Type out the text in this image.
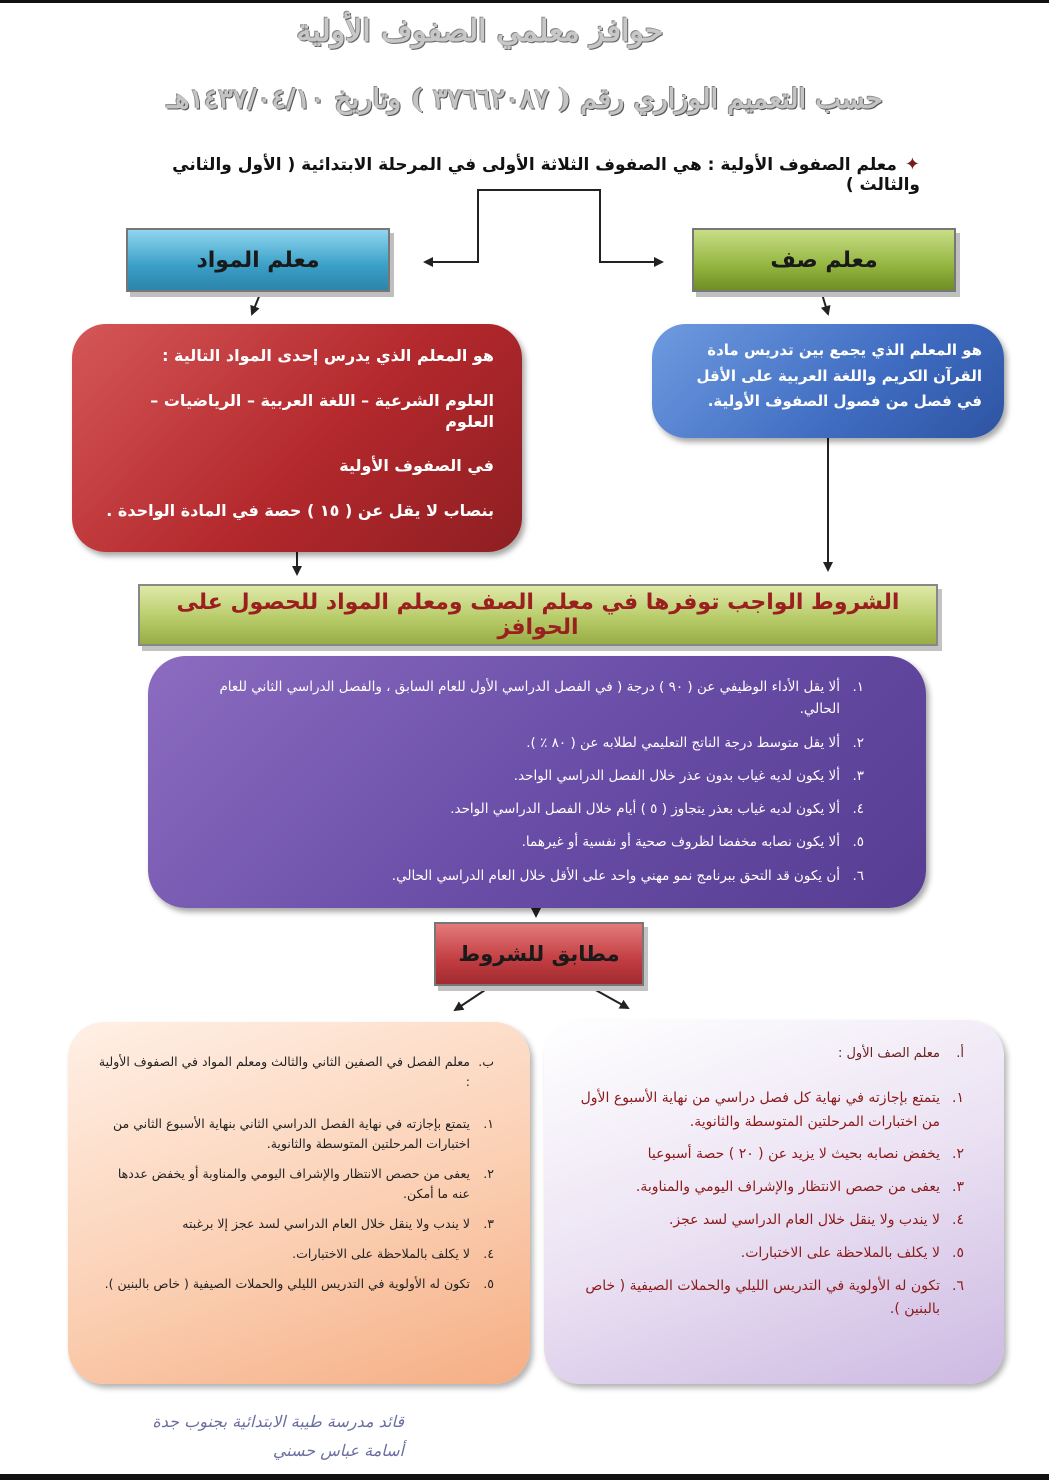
حوافز معلمي الصفوف الأولية
حسب التعميم الوزاري رقم ( ٣٧٦٦٢٠٨٧ ) وتاريخ ١٤٣٧/٠٤/١٠هـ
✦معلم الصفوف الأولية : هي الصفوف الثلاثة الأولى في المرحلة الابتدائية ( الأول والثاني والثالث )
معلم المواد	معلم صف

هو المعلم الذي يدرس إحدى المواد التالية :

العلوم الشرعية – اللغة العربية – الرياضيات – العلوم

في الصفوف الأولية

بنصاب لا يقل عن ( ١٥ ) حصة في المادة الواحدة .

هو المعلم الذي يجمع بين تدريس مادة القرآن الكريم واللغة العربية على الأقل في فصل من فصول الصفوف الأولية.
الشروط الواجب توفرها في معلم الصف ومعلم المواد للحصول على الحوافز
١.
ألا يقل الأداء الوظيفي عن ( ٩٠ ) درجة ( في الفصل الدراسي الأول للعام السابق ، والفصل الدراسي الثاني للعام الحالي.
٢.
ألا يقل متوسط درجة الناتج التعليمي لطلابه عن ( ٨٠ ٪ ).
٣.
ألا يكون لديه غياب بدون عذر خلال الفصل الدراسي الواحد.
٤.
ألا يكون لديه غياب بعذر يتجاوز ( ٥ ) أيام خلال الفصل الدراسي الواحد.
٥.
ألا يكون نصابه مخفضا لظروف صحية أو نفسية أو غيرهما.
٦.
أن يكون قد التحق ببرنامج نمو مهني واحد على الأقل خلال العام الدراسي الحالي.
مطابق للشروط
ب.
معلم الفصل في الصفين الثاني والثالث ومعلم المواد في الصفوف الأولية :
١.
يتمتع بإجازته في نهاية الفصل الدراسي الثاني بنهاية الأسبوع الثاني من اختبارات المرحلتين المتوسطة والثانوية.
٢.
يعفى من حصص الانتظار والإشراف اليومي والمناوبة أو يخفض عددها عنه ما أمكن.
٣.
لا يندب ولا ينقل خلال العام الدراسي لسد عجز إلا برغبته
٤.
لا يكلف بالملاحظة على الاختبارات.
٥.
تكون له الأولوية في التدريس الليلي والحملات الصيفية ( خاص بالبنين ).
أ.
معلم الصف الأول :
١.
يتمتع بإجازته في نهاية كل فصل دراسي من نهاية الأسبوع الأول من اختبارات المرحلتين المتوسطة والثانوية.
٢.
يخفض نصابه بحيث لا يزيد عن ( ٢٠ ) حصة أسبوعيا
٣.
يعفى من حصص الانتظار والإشراف اليومي والمناوبة.
٤.
لا يندب ولا ينقل خلال العام الدراسي لسد عجز.
٥.
لا يكلف بالملاحظة على الاختبارات.
٦.
تكون له الأولوية في التدريس الليلي والحملات الصيفية ( خاص بالبنين ).
قائد مدرسة طيبة الابتدائية بجنوب جدة
أسامة عباس حسني
